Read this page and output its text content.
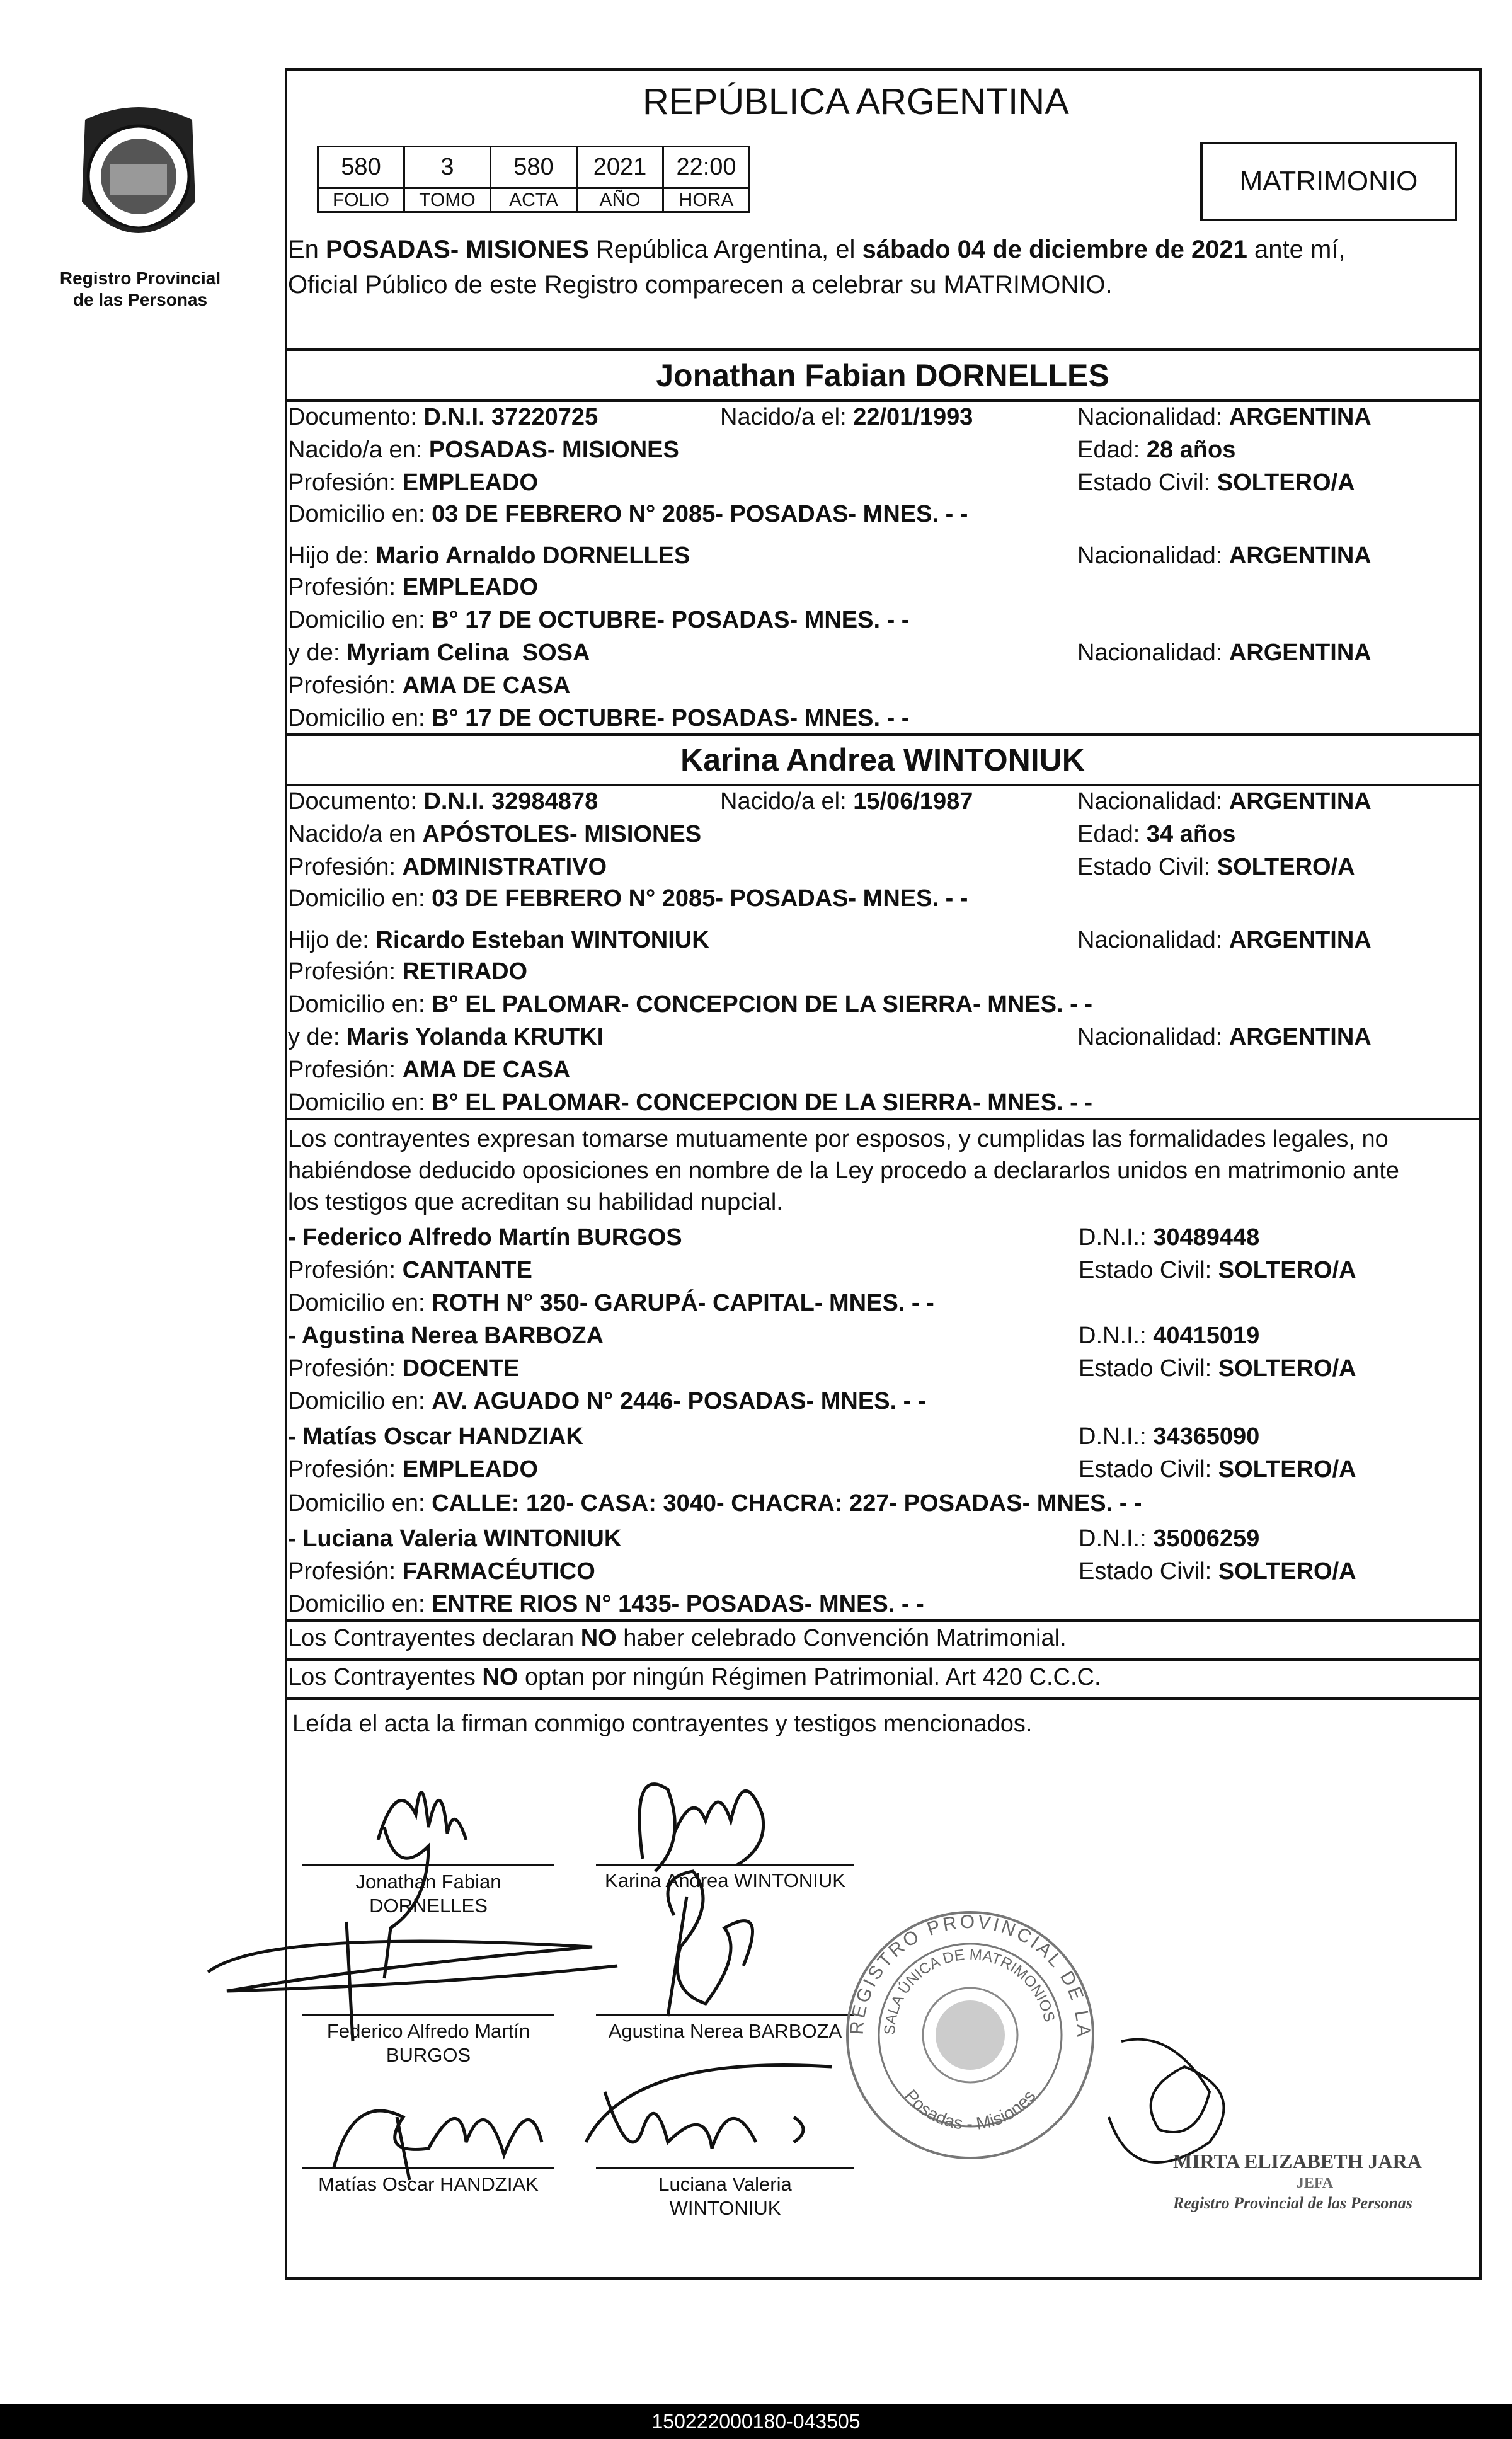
Registro Provincial
de las Personas
REPÚBLICA ARGENTINA
580	3	580	2021	22:00
FOLIO	TOMO	ACTA	AÑO	HORA
MATRIMONIO
En POSADAS- MISIONES República Argentina, el sábado 04 de diciembre de 2021 ante mí,
Oficial Público de este Registro comparecen a celebrar su MATRIMONIO.
Jonathan Fabian DORNELLES
Documento: D.N.I. 37220725	Nacido/a el: 22/01/1993	Nacionalidad: ARGENTINA
Nacido/a en: POSADAS- MISIONES	Edad: 28 años
Profesión: EMPLEADO	Estado Civil: SOLTERO/A
Domicilio en: 03 DE FEBRERO N° 2085- POSADAS- MNES. - -
Hijo de: Mario Arnaldo DORNELLES	Nacionalidad: ARGENTINA
Profesión: EMPLEADO
Domicilio en: B° 17 DE OCTUBRE- POSADAS- MNES. - -
y de: Myriam Celina  SOSA	Nacionalidad: ARGENTINA
Profesión: AMA DE CASA
Domicilio en: B° 17 DE OCTUBRE- POSADAS- MNES. - -
Karina Andrea WINTONIUK
Documento: D.N.I. 32984878	Nacido/a el: 15/06/1987	Nacionalidad: ARGENTINA
Nacido/a en APÓSTOLES- MISIONES	Edad: 34 años
Profesión: ADMINISTRATIVO	Estado Civil: SOLTERO/A
Domicilio en: 03 DE FEBRERO N° 2085- POSADAS- MNES. - -
Hijo de: Ricardo Esteban WINTONIUK	Nacionalidad: ARGENTINA
Profesión: RETIRADO
Domicilio en: B° EL PALOMAR- CONCEPCION DE LA SIERRA- MNES. - -
y de: Maris Yolanda KRUTKI	Nacionalidad: ARGENTINA
Profesión: AMA DE CASA
Domicilio en: B° EL PALOMAR- CONCEPCION DE LA SIERRA- MNES. - -
Los contrayentes expresan tomarse mutuamente por esposos, y cumplidas las formalidades legales, no
habiéndose deducido oposiciones en nombre de la Ley procedo a declararlos unidos en matrimonio ante
los testigos que acreditan su habilidad nupcial.
- Federico Alfredo Martín BURGOS	D.N.I.: 30489448
Profesión: CANTANTE	Estado Civil: SOLTERO/A
Domicilio en: ROTH N° 350- GARUPÁ- CAPITAL- MNES. - -
- Agustina Nerea BARBOZA	D.N.I.: 40415019
Profesión: DOCENTE	Estado Civil: SOLTERO/A
Domicilio en: AV. AGUADO N° 2446- POSADAS- MNES. - -
- Matías Oscar HANDZIAK	D.N.I.: 34365090
Profesión: EMPLEADO	Estado Civil: SOLTERO/A
Domicilio en: CALLE: 120- CASA: 3040- CHACRA: 227- POSADAS- MNES. - -
- Luciana Valeria WINTONIUK	D.N.I.: 35006259
Profesión: FARMACÉUTICO	Estado Civil: SOLTERO/A
Domicilio en: ENTRE RIOS N° 1435- POSADAS- MNES. - -
Los Contrayentes declaran NO haber celebrado Convención Matrimonial.
Los Contrayentes NO optan por ningún Régimen Patrimonial. Art 420 C.C.C.
Leída el acta la firman conmigo contrayentes y testigos mencionados.
Jonathan Fabian
DORNELLES
Karina Andrea WINTONIUK
Federico Alfredo Martín
BURGOS
Agustina Nerea BARBOZA
Matías Oscar HANDZIAK	Luciana Valeria
WINTONIUK
REGISTRO PROVINCIAL DE LA
SALA ÚNICA DE MATRIMONIOS
Posadas - Misiones
MIRTA ELIZABETH JARA
JEFA
Registro Provincial de las Personas
150222000180-043505
